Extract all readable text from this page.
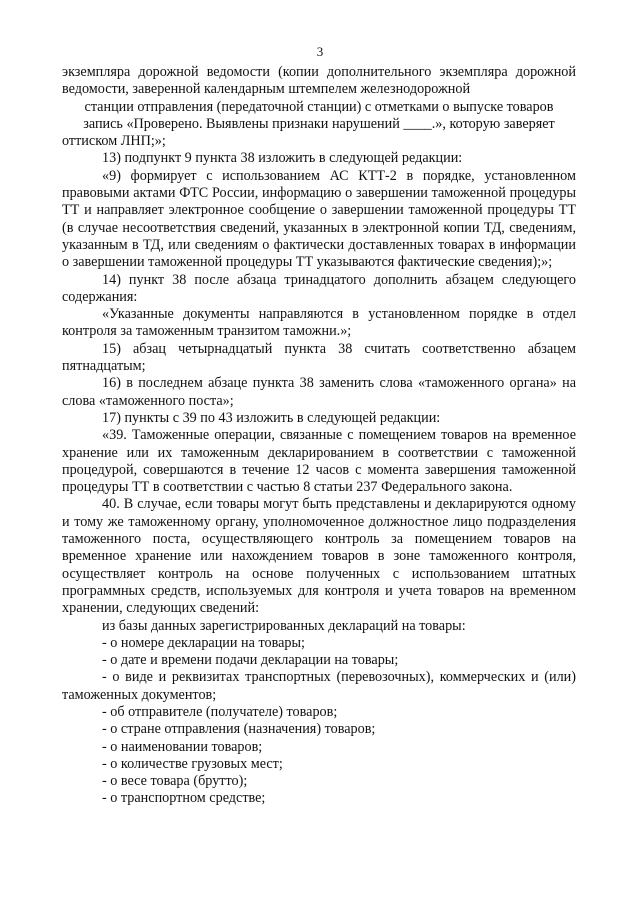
3

экземпляра дорожной ведомости (копии дополнительного экземпляра дорожной ведомости, заверенной календарным штемпелем железнодорожной

станции отправления (передаточной станции) с отметками о выпуске товаров

запись «Проверено. Выявлены признаки нарушений ____.», которую заверяет

оттиском ЛНП;»;

13) подпункт 9 пункта 38 изложить в следующей редакции:

«9) формирует с использованием АС КТТ-2 в порядке, установленном правовыми актами ФТС России, информацию о завершении таможенной процедуры ТТ и направляет электронное сообщение о завершении таможенной процедуры ТТ (в случае несоответствия сведений, указанных в электронной копии ТД, сведениям, указанным в ТД, или сведениям о фактически доставленных товарах в информации о завершении таможенной процедуры ТТ указываются фактические сведения);»;

14) пункт 38 после абзаца тринадцатого дополнить абзацем следующего содержания:

«Указанные документы направляются в установленном порядке в отдел контроля за таможенным транзитом таможни.»;

15) абзац четырнадцатый пункта 38 считать соответственно абзацем пятнадцатым;

16) в последнем абзаце пункта 38 заменить слова «таможенного органа» на слова «таможенного поста»;

17) пункты с 39 по 43 изложить в следующей редакции:

«39. Таможенные операции, связанные с помещением товаров на временное хранение или их таможенным декларированием в соответствии с таможенной процедурой, совершаются в течение 12 часов с момента завершения таможенной процедуры ТТ в соответствии с частью 8 статьи 237 Федерального закона.

40. В случае, если товары могут быть представлены и декларируются одному и тому же таможенному органу, уполномоченное должностное лицо подразделения таможенного поста, осуществляющего контроль за помещением товаров на временное хранение или нахождением товаров в зоне таможенного контроля, осуществляет контроль на основе полученных с использованием штатных программных средств, используемых для контроля и учета товаров на временном хранении, следующих сведений:

из базы данных зарегистрированных деклараций на товары:

- о номере декларации на товары;

- о дате и времени подачи декларации на товары;

- о виде и реквизитах транспортных (перевозочных), коммерческих и (или) таможенных документов;

- об отправителе (получателе) товаров;

- о стране отправления (назначения) товаров;

- о наименовании товаров;

- о количестве грузовых мест;

- о весе товара (брутто);

- о транспортном средстве;
